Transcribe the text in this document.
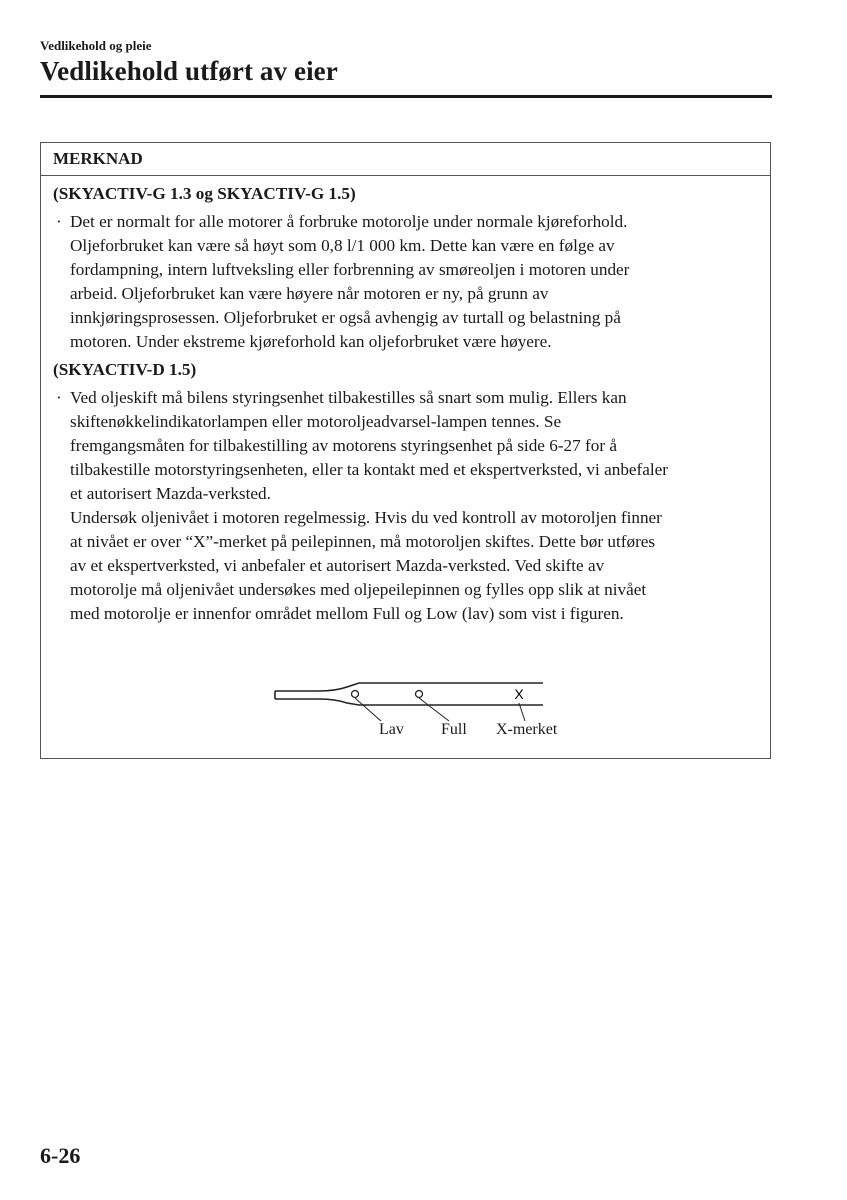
Vedlikehold og pleie
Vedlikehold utført av eier
MERKNAD
(SKYACTIV-G 1.3 og SKYACTIV-G 1.5)
· Det er normalt for alle motorer å forbruke motorolje under normale kjøreforhold.
Oljeforbruket kan være så høyt som 0,8 l/1 000 km. Dette kan være en følge av
fordampning, intern luftveksling eller forbrenning av smøreoljen i motoren under
arbeid. Oljeforbruket kan være høyere når motoren er ny, på grunn av
innkjøringsprosessen. Oljeforbruket er også avhengig av turtall og belastning på
motoren. Under ekstreme kjøreforhold kan oljeforbruket være høyere.
(SKYACTIV-D 1.5)
· Ved oljeskift må bilens styringsenhet tilbakestilles så snart som mulig. Ellers kan
skiftenøkkelindikatorlampen eller motoroljeadvarsel-lampen tennes. Se
fremgangsmåten for tilbakestilling av motorens styringsenhet på side 6-27 for å
tilbakestille motorstyringsenheten, eller ta kontakt med et ekspertverksted, vi anbefaler
et autorisert Mazda-verksted.
Undersøk oljenivået i motoren regelmessig. Hvis du ved kontroll av motoroljen finner
at nivået er over “X”-merket på peilepinnen, må motoroljen skiftes. Dette bør utføres
av et ekspertverksted, vi anbefaler et autorisert Mazda-verksted. Ved skifte av
motorolje må oljenivået undersøkes med oljepeilepinnen og fylles opp slik at nivået
med motorolje er innenfor området mellom Full og Low (lav) som vist i figuren.
X
Lav Full X-merket
6-26
